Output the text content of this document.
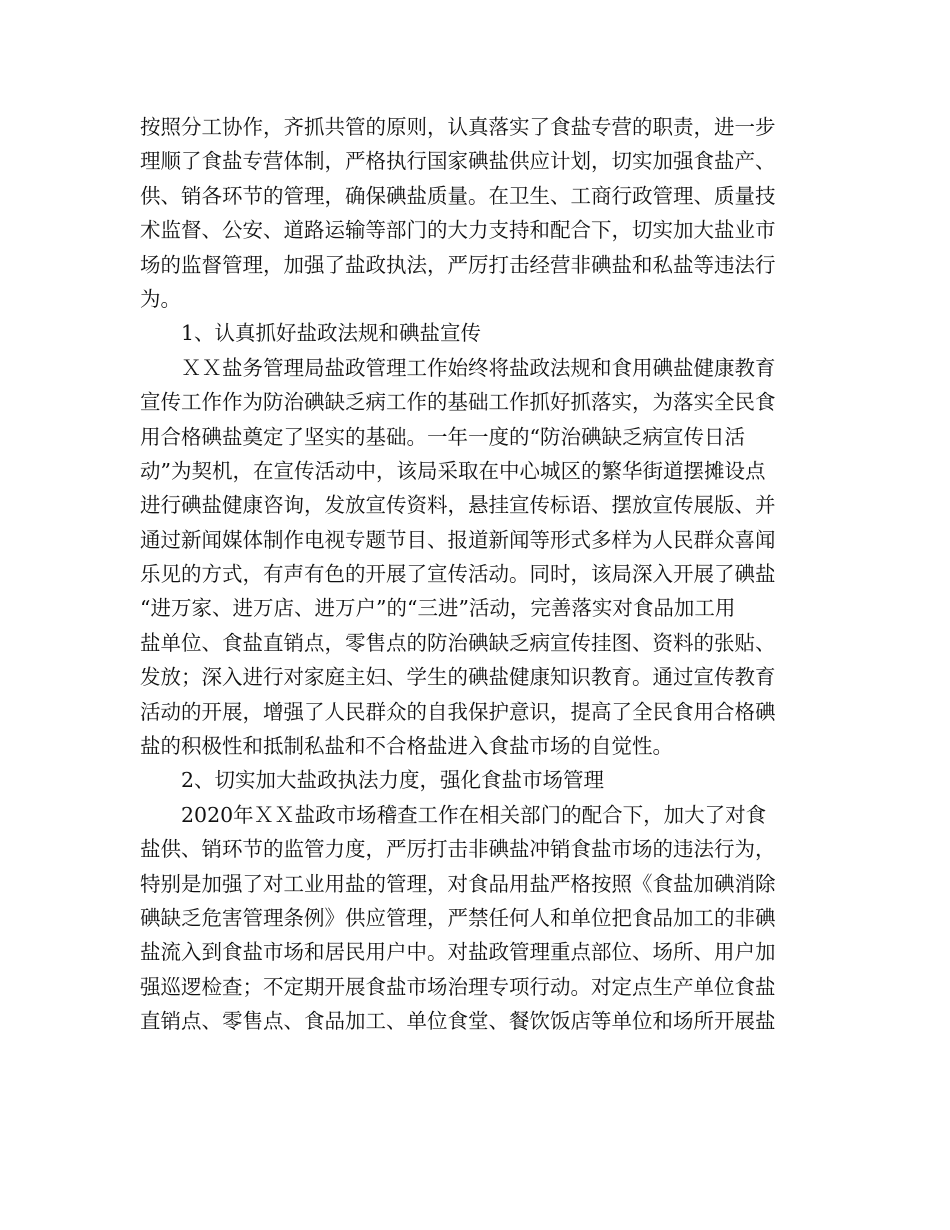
按照分工协作，齐抓共管的原则，认真落实了食盐专营的职责，进一步
理顺了食盐专营体制，严格执行国家碘盐供应计划，切实加强食盐产、
供、销各环节的管理，确保碘盐质量。在卫生、工商行政管理、质量技
术监督、公安、道路运输等部门的大力支持和配合下，切实加大盐业市
场的监督管理，加强了盐政执法，严厉打击经营非碘盐和私盐等违法行
为。
　　1、认真抓好盐政法规和碘盐宣传
　　ＸＸ盐务管理局盐政管理工作始终将盐政法规和食用碘盐健康教育
宣传工作作为防治碘缺乏病工作的基础工作抓好抓落实，为落实全民食
用合格碘盐奠定了坚实的基础。一年一度的“防治碘缺乏病宣传日活
动”为契机，在宣传活动中，该局采取在中心城区的繁华街道摆摊设点
进行碘盐健康咨询，发放宣传资料，悬挂宣传标语、摆放宣传展版、并
通过新闻媒体制作电视专题节目、报道新闻等形式多样为人民群众喜闻
乐见的方式，有声有色的开展了宣传活动。同时，该局深入开展了碘盐
“进万家、进万店、进万户”的“三进”活动，完善落实对食品加工用
盐单位、食盐直销点，零售点的防治碘缺乏病宣传挂图、资料的张贴、
发放；深入进行对家庭主妇、学生的碘盐健康知识教育。通过宣传教育
活动的开展，增强了人民群众的自我保护意识，提高了全民食用合格碘
盐的积极性和抵制私盐和不合格盐进入食盐市场的自觉性。
　　2、切实加大盐政执法力度，强化食盐市场管理
　　2020年ＸＸ盐政市场稽查工作在相关部门的配合下，加大了对食
盐供、销环节的监管力度，严厉打击非碘盐冲销食盐市场的违法行为，
特别是加强了对工业用盐的管理，对食品用盐严格按照《食盐加碘消除
碘缺乏危害管理条例》供应管理，严禁任何人和单位把食品加工的非碘
盐流入到食盐市场和居民用户中。对盐政管理重点部位、场所、用户加
强巡逻检查；不定期开展食盐市场治理专项行动。对定点生产单位食盐
直销点、零售点、食品加工、单位食堂、餐饮饭店等单位和场所开展盐
